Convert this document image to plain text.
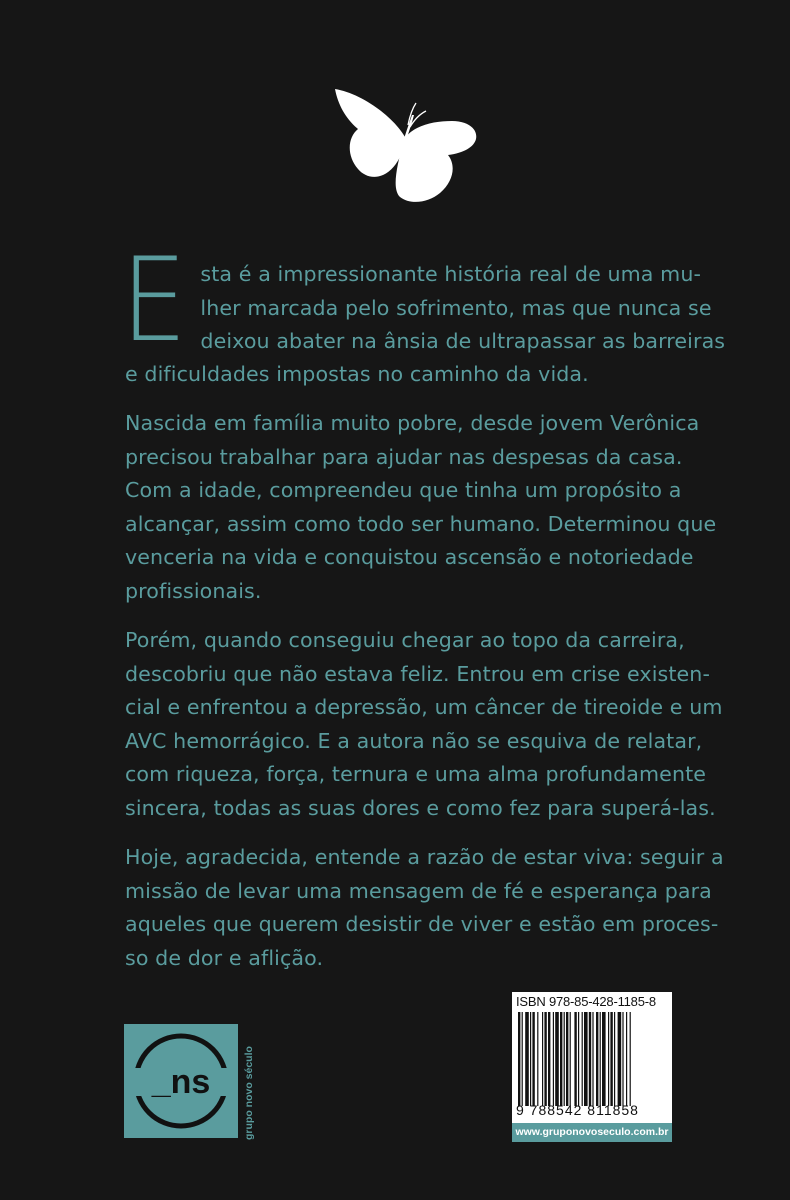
E sta é a impressionante história real de uma mu-
lher marcada pelo sofrimento, mas que nunca se
deixou abater na ânsia de ultrapassar as barreiras
e dificuldades impostas no caminho da vida.
Nascida em família muito pobre, desde jovem Verônica
precisou trabalhar para ajudar nas despesas da casa.
Com a idade, compreendeu que tinha um propósito a
alcançar, assim como todo ser humano. Determinou que
venceria na vida e conquistou ascensão e notoriedade
profissionais.
Porém, quando conseguiu chegar ao topo da carreira,
descobriu que não estava feliz. Entrou em crise existen-
cial e enfrentou a depressão, um câncer de tireoide e um
AVC hemorrágico. E a autora não se esquiva de relatar,
com riqueza, força, ternura e uma alma profundamente
sincera, todas as suas dores e como fez para superá-las.
Hoje, agradecida, entende a razão de estar viva: seguir a
missão de levar uma mensagem de fé e esperança para
aqueles que querem desistir de viver e estão em proces-
so de dor e aflição.
_ns	grupo novo século
ISBN 978-85-428-1185-8
9 788542 811858
www.gruponovoseculo.com.br
